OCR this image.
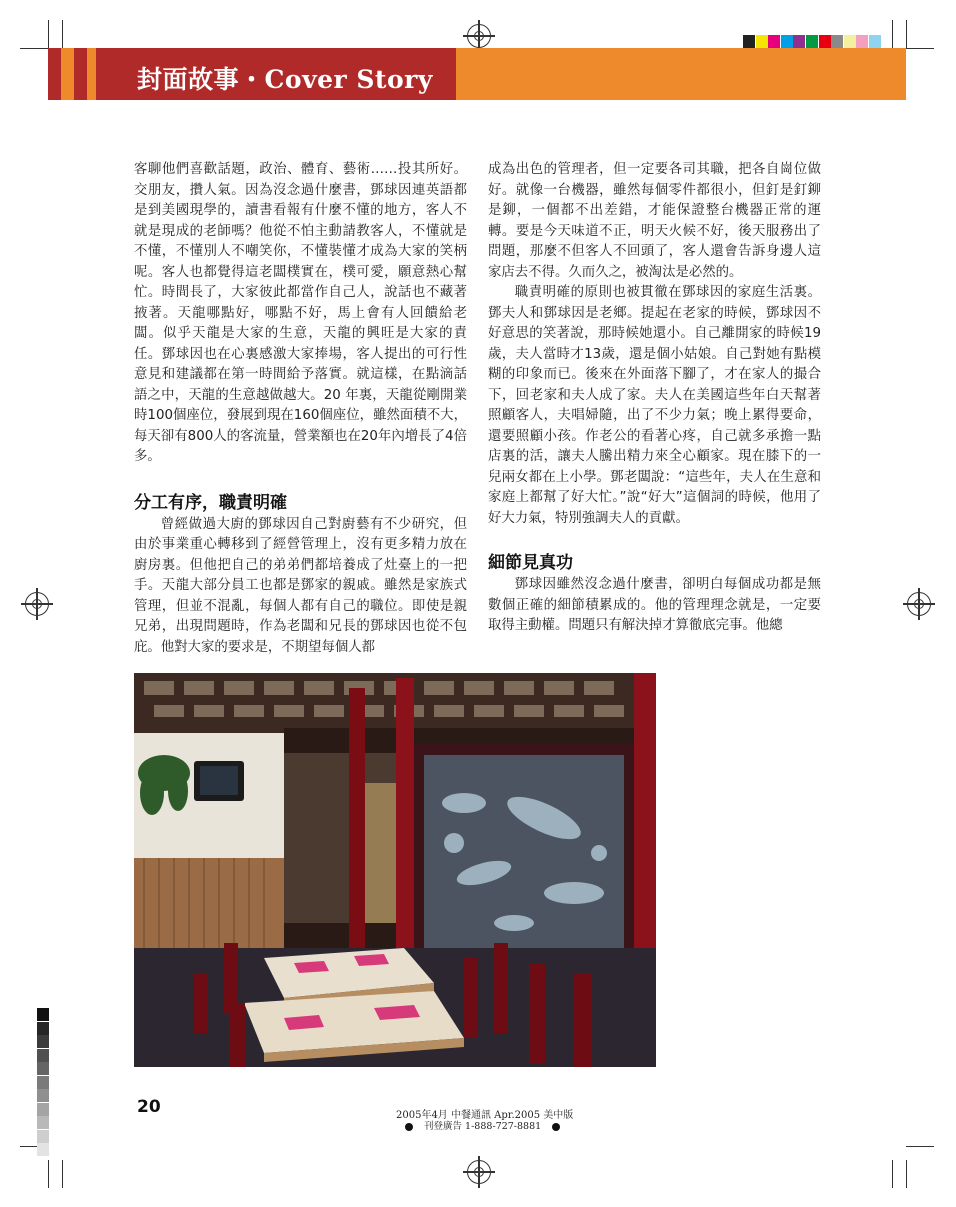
封面故事・Cover Story

客聊他們喜歡話題，政治、體育、藝術……投其所好。交朋友，攢人氣。因為沒念過什麼書，鄧球因連英語都是到美國現學的，讀書看報有什麼不懂的地方，客人不就是現成的老師嗎？他從不怕主動請教客人，不懂就是不懂，不懂別人不嘲笑你，不懂裝懂才成為大家的笑柄呢。客人也都覺得這老闆樸實在，樸可愛，願意熱心幫忙。時間長了，大家彼此都當作自己人，說話也不藏著掖著。天龍哪點好，哪點不好，馬上會有人回饋給老闆。似乎天龍是大家的生意，天龍的興旺是大家的責任。鄧球因也在心裏感激大家捧場，客人提出的可行性意見和建議都在第一時間給予落實。就這樣，在點滴話語之中，天龍的生意越做越大。20 年裏，天龍從剛開業時100個座位，發展到現在160個座位，雖然面積不大，每天卻有800人的客流量，營業額也在20年內增長了4倍多。

分工有序，職責明確

曾經做過大廚的鄧球因自己對廚藝有不少研究，但由於事業重心轉移到了經營管理上，沒有更多精力放在廚房裏。但他把自己的弟弟們都培養成了灶臺上的一把手。天龍大部分員工也都是鄧家的親戚。雖然是家族式管理，但並不混亂，每個人都有自己的職位。即使是親兄弟，出現問題時，作為老闆和兄長的鄧球因也從不包庇。他對大家的要求是，不期望每個人都

成為出色的管理者，但一定要各司其職，把各自崗位做好。就像一台機器，雖然每個零件都很小，但釘是釘鉚是鉚，一個都不出差錯，才能保證整台機器正常的運轉。要是今天味道不正，明天火候不好，後天服務出了問題，那麼不但客人不回頭了，客人還會告訴身邊人這家店去不得。久而久之，被淘汰是必然的。

職責明確的原則也被貫徹在鄧球因的家庭生活裏。鄧夫人和鄧球因是老鄉。提起在老家的時候，鄧球因不好意思的笑著說，那時候她還小。自己離開家的時候19歲，夫人當時才13歲，還是個小姑娘。自己對她有點模糊的印象而已。後來在外面落下腳了，才在家人的撮合下，回老家和夫人成了家。夫人在美國這些年白天幫著照顧客人，夫唱婦隨，出了不少力氣；晚上累得要命，還要照顧小孩。作老公的看著心疼，自己就多承擔一點店裏的活，讓夫人騰出精力來全心顧家。現在膝下的一兒兩女都在上小學。鄧老闆說：“這些年，夫人在生意和家庭上都幫了好大忙。”說“好大”這個詞的時候，他用了好大力氣，特別強調夫人的貢獻。

細節見真功

鄧球因雖然沒念過什麼書，卻明白每個成功都是無數個正確的細節積累成的。他的管理理念就是，一定要取得主動權。問題只有解決掉才算徹底完事。他總

20	2005年4月 中餐通訊 Apr.2005 美中版
刊登廣告 1-888-727-8881
